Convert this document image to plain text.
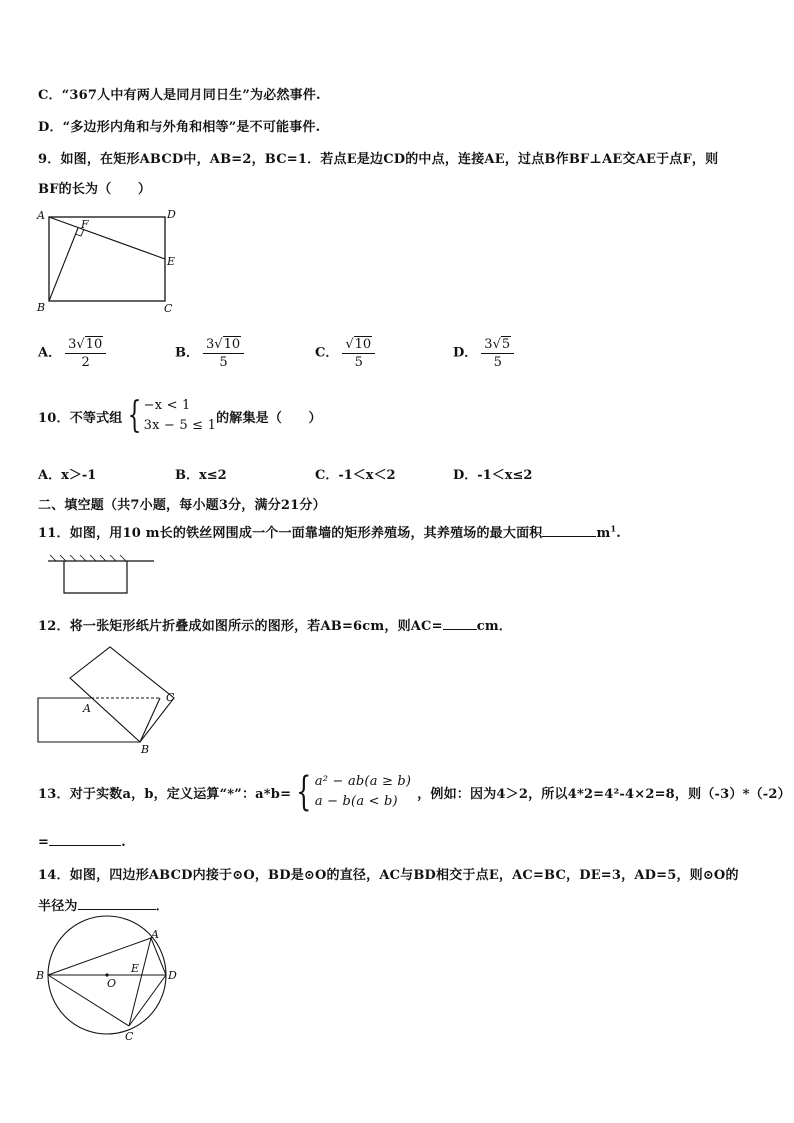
C．“367人中有两人是同月同日生”为必然事件.
D．“多边形内角和与外角和相等”是不可能事件.
9．如图，在矩形ABCD中，AB=2，BC=1．若点E是边CD的中点，连接AE，过点B作BF⊥AE交AE于点F，则
BF的长为（　　）
A
F
D
E
B	C
A． $\frac{3√10}{2}$	B． $\frac{3√10}{5}$	C． $\frac{√10}{5}$	D． $\frac{3√5}{5}$
10．不等式组 { −x < 1
3x − 5 ≤ 1 的解集是（　　）
A．x＞-1	B．x≤2	C．-1＜x＜2	D．-1＜x≤2
二、填空题（共7小题，每小题3分，满分21分）
11．如图，用10 m长的铁丝网围成一个一面靠墙的矩形养殖场，其养殖场的最大面积	$m^1$.
12．将一张矩形纸片折叠成如图所示的图形，若AB=6cm，则AC=	cm．
A
C
B
13．对于实数a，b，定义运算“*”：a*b= { a² − ab(a ≥ b)
a − b(a < b)	，例如：因为4＞2，所以4*2=4²-4×2=8，则（-3）*（-2）
=	.
14．如图，四边形ABCD内接于⊙O，BD是⊙O的直径，AC与BD相交于点E，AC=BC，DE=3，AD=5，则⊙O的
半径为	．
B
O
E
A
D
C
